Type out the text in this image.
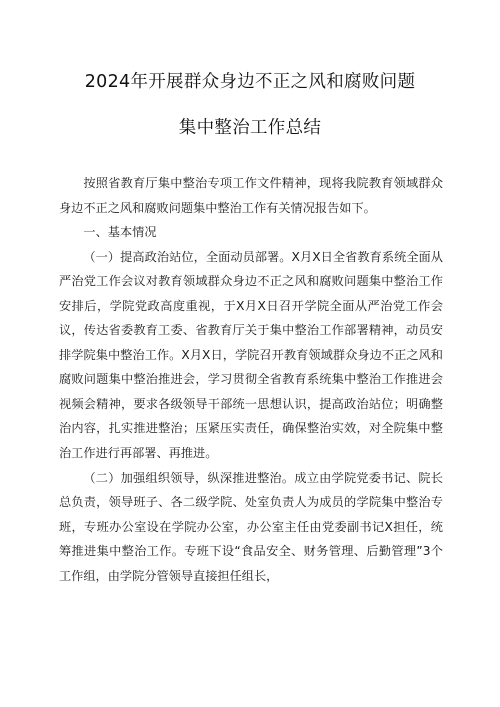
2024年开展群众身边不正之风和腐败问题
集中整治工作总结

按照省教育厅集中整治专项工作文件精神，现将我院教育领域群众身边不正之风和腐败问题集中整治工作有关情况报告如下。

一、基本情况

（一）提高政治站位，全面动员部署。X月X日全省教育系统全面从严治党工作会议对教育领域群众身边不正之风和腐败问题集中整治工作安排后，学院党政高度重视，于X月X日召开学院全面从严治党工作会议，传达省委教育工委、省教育厅关于集中整治工作部署精神，动员安排学院集中整治工作。X月X日，学院召开教育领域群众身边不正之风和腐败问题集中整治推进会，学习贯彻全省教育系统集中整治工作推进会视频会精神，要求各级领导干部统一思想认识，提高政治站位；明确整治内容，扎实推进整治；压紧压实责任，确保整治实效，对全院集中整治工作进行再部署、再推进。

（二）加强组织领导，纵深推进整治。成立由学院党委书记、院长总负责，领导班子、各二级学院、处室负责人为成员的学院集中整治专班，专班办公室设在学院办公室，办公室主任由党委副书记X担任，统筹推进集中整治工作。专班下设“食品安全、财务管理、后勤管理”3个工作组，由学院分管领导直接担任组长，
